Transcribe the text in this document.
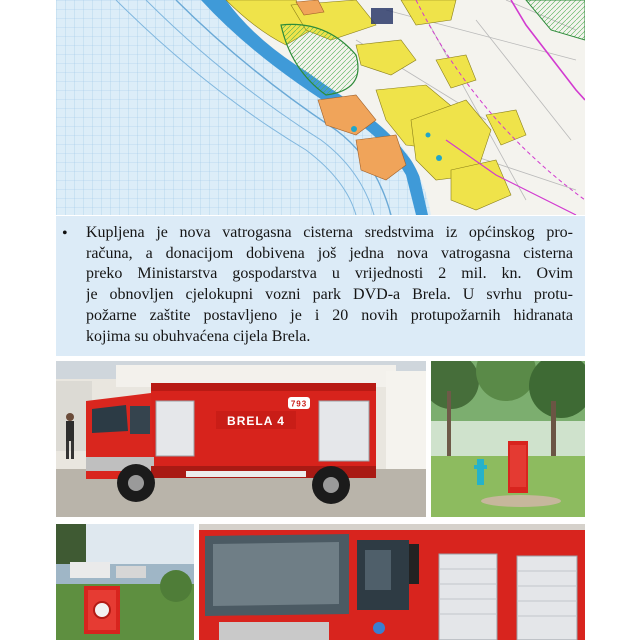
• Kupljena je nova vatrogasna cisterna sredstvima iz općinskog pro-
računa, a donacijom dobivena još jedna nova vatrogasna cisterna
preko Ministarstva gospodarstva u vrijednosti 2 mil. kn. Ovim
je obnovljen cjelokupni vozni park DVD-a Brela. U svrhu protu-
požarne zaštite postavljeno je i 20 novih protupožarnih hidranata
kojima su obuhvaćena cijela Brela.
BRELA 4
793
